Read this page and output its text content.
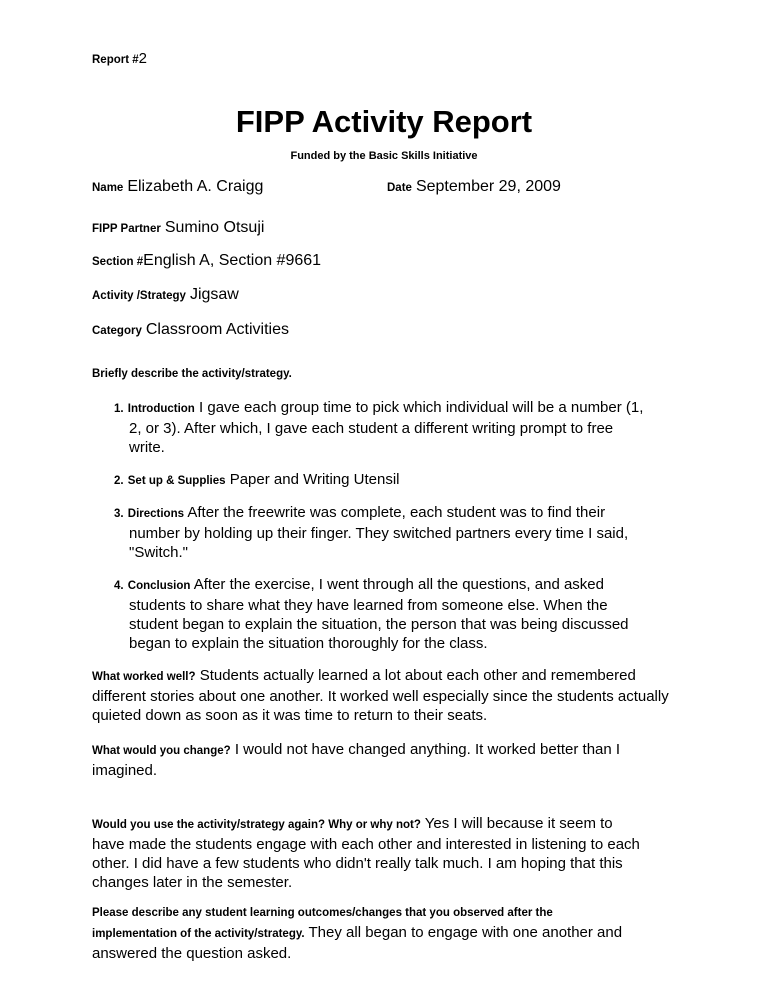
Report #2
FIPP Activity Report
Funded by the Basic Skills Initiative
Name Elizabeth A. Craigg	Date September 29, 2009
FIPP Partner Sumino Otsuji
Section #English A, Section #9661
Activity /Strategy Jigsaw
Category Classroom Activities
Briefly describe the activity/strategy.
1. Introduction I gave each group time to pick which individual will be a number (1,
2, or 3). After which, I gave each student a different writing prompt to free
write.
2. Set up & Supplies Paper and Writing Utensil
3. Directions After the freewrite was complete, each student was to find their
number by holding up their finger. They switched partners every time I said,
"Switch."
4. Conclusion After the exercise, I went through all the questions, and asked
students to share what they have learned from someone else. When the
student began to explain the situation, the person that was being discussed
began to explain the situation thoroughly for the class.
What worked well? Students actually learned a lot about each other and remembered
different stories about one another. It worked well especially since the students actually
quieted down as soon as it was time to return to their seats.
What would you change? I would not have changed anything. It worked better than I
imagined.
Would you use the activity/strategy again? Why or why not? Yes I will because it seem to
have made the students engage with each other and interested in listening to each
other. I did have a few students who didn't really talk much. I am hoping that this
changes later in the semester.
Please describe any student learning outcomes/changes that you observed after the
implementation of the activity/strategy. They all began to engage with one another and
answered the question asked.
